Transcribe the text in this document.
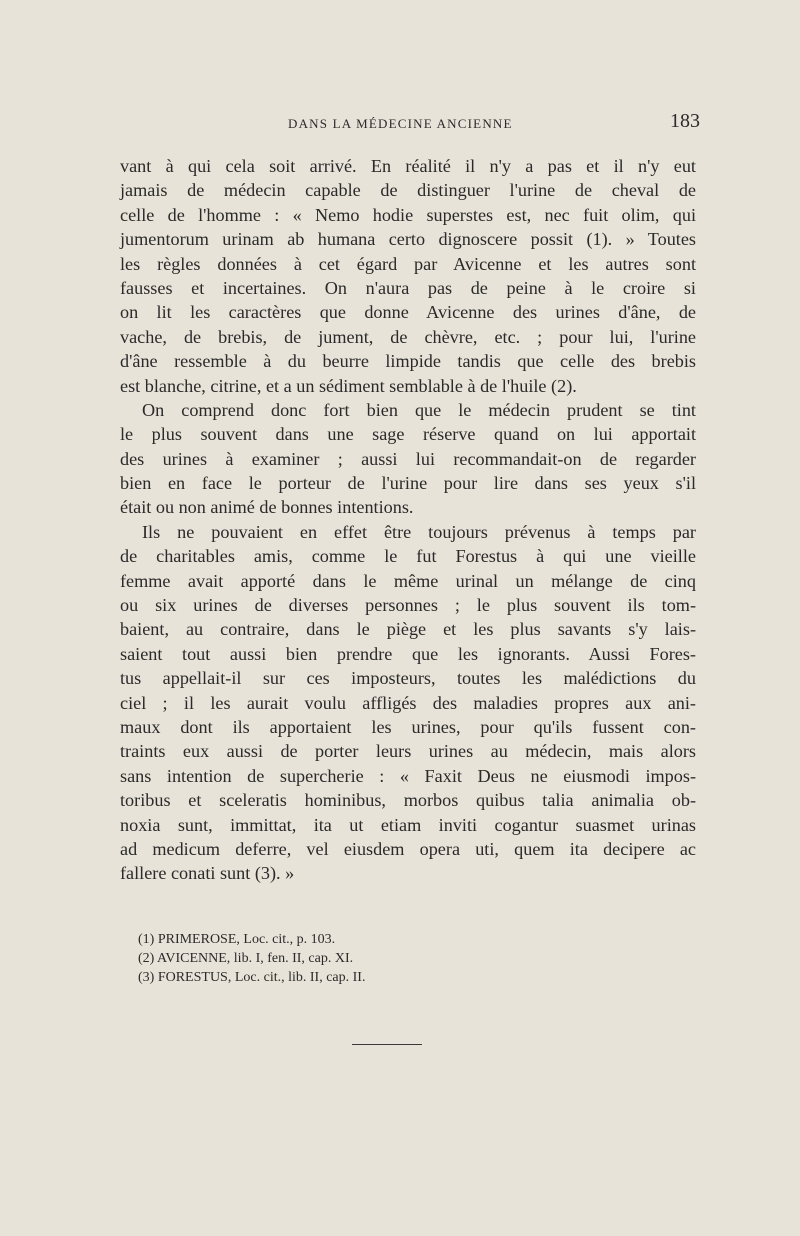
DANS LA MÉDECINE ANCIENNE	183
vant à qui cela soit arrivé. En réalité il n'y a pas et il n'y eut
jamais de médecin capable de distinguer l'urine de cheval de
celle de l'homme : « Nemo hodie superstes est, nec fuit olim, qui
jumentorum urinam ab humana certo dignoscere possit (1). » Toutes
les règles données à cet égard par Avicenne et les autres sont
fausses et incertaines. On n'aura pas de peine à le croire si
on lit les caractères que donne Avicenne des urines d'âne, de
vache, de brebis, de jument, de chèvre, etc. ; pour lui, l'urine
d'âne ressemble à du beurre limpide tandis que celle des brebis
est blanche, citrine, et a un sédiment semblable à de l'huile (2).
On comprend donc fort bien que le médecin prudent se tint
le plus souvent dans une sage réserve quand on lui apportait
des urines à examiner ; aussi lui recommandait-on de regarder
bien en face le porteur de l'urine pour lire dans ses yeux s'il
était ou non animé de bonnes intentions.
Ils ne pouvaient en effet être toujours prévenus à temps par
de charitables amis, comme le fut Forestus à qui une vieille
femme avait apporté dans le même urinal un mélange de cinq
ou six urines de diverses personnes ; le plus souvent ils tom-
baient, au contraire, dans le piège et les plus savants s'y lais-
saient tout aussi bien prendre que les ignorants. Aussi Fores-
tus appellait-il sur ces imposteurs, toutes les malédictions du
ciel ; il les aurait voulu affligés des maladies propres aux ani-
maux dont ils apportaient les urines, pour qu'ils fussent con-
traints eux aussi de porter leurs urines au médecin, mais alors
sans intention de supercherie : « Faxit Deus ne eiusmodi impos-
toribus et sceleratis hominibus, morbos quibus talia animalia ob-
noxia sunt, immittat, ita ut etiam inviti cogantur suasmet urinas
ad medicum deferre, vel eiusdem opera uti, quem ita decipere ac
fallere conati sunt (3). »
(1) PRIMEROSE, Loc. cit., p. 103.
(2) AVICENNE, lib. I, fen. II, cap. XI.
(3) FORESTUS, Loc. cit., lib. II, cap. II.
